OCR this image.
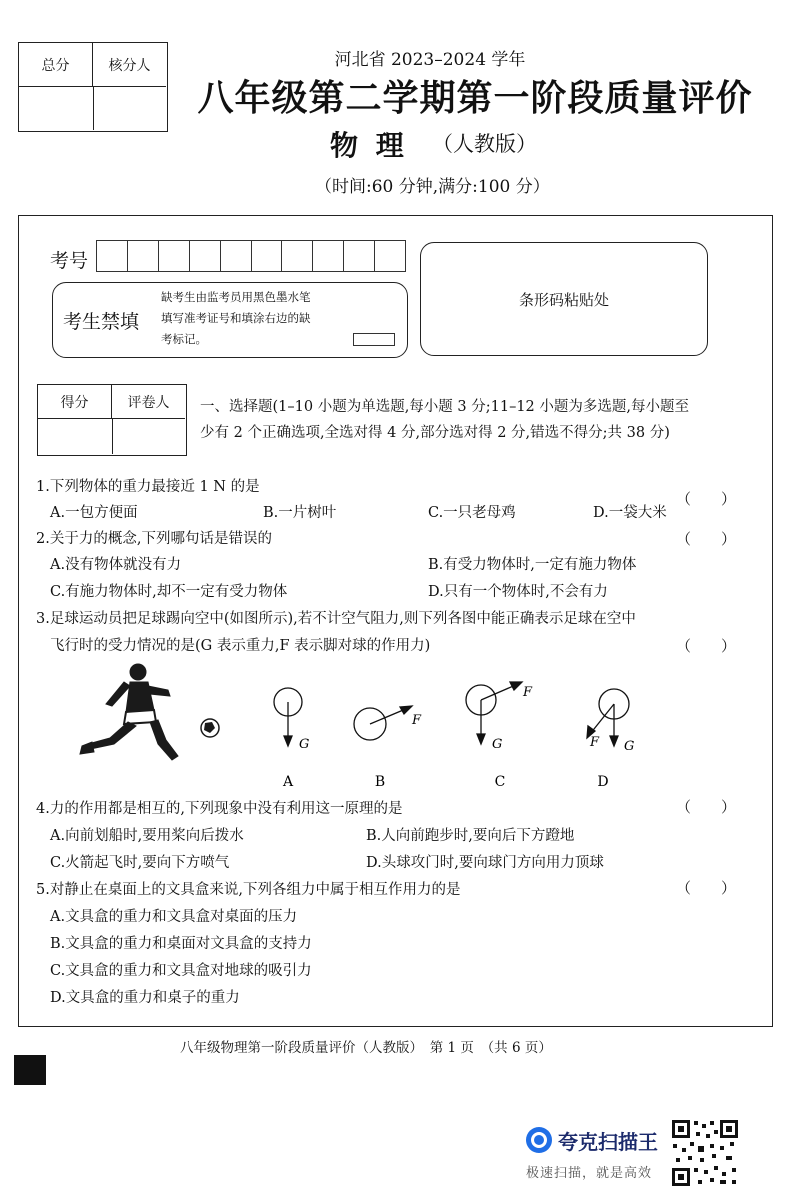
总分	核分人	河北省 2023–2024 学年
八年级第二学期第一阶段质量评价
物 理 （人教版）
（时间:60 分钟,满分:100 分）
考号
考生禁填
缺考生由监考员用黑色墨水笔
填写准考证号和填涂右边的缺
考标记。
条形码粘贴处
得分	评卷人	一、选择题(1–10 小题为单选题,每小题 3 分;11–12 小题为多选题,每小题至
少有 2 个正确选项,全选对得 4 分,部分选对得 2 分,错选不得分;共 38 分)
1.下列物体的重力最接近 1 N 的是
（　　）
A.一包方便面	B.一片树叶	C.一只老母鸡	D.一袋大米
2.关于力的概念,下列哪句话是错误的	（　　）
A.没有物体就没有力	B.有受力物体时,一定有施力物体
C.有施力物体时,却不一定有受力物体	D.只有一个物体时,不会有力
3.足球运动员把足球踢向空中(如图所示),若不计空气阻力,则下列各图中能正确表示足球在空中
飞行时的受力情况的是(G 表示重力,F 表示脚对球的作用力)	（　　）
G
F
G
F
F G
A	B	C	D
4.力的作用都是相互的,下列现象中没有利用这一原理的是	（　　）
A.向前划船时,要用桨向后拨水	B.人向前跑步时,要向后下方蹬地
C.火箭起飞时,要向下方喷气	D.头球攻门时,要向球门方向用力顶球
5.对静止在桌面上的文具盒来说,下列各组力中属于相互作用力的是	（　　）
A.文具盒的重力和文具盒对桌面的压力
B.文具盒的重力和桌面对文具盒的支持力
C.文具盒的重力和文具盒对地球的吸引力
D.文具盒的重力和桌子的重力
八年级物理第一阶段质量评价（人教版）　第 1 页　（共 6 页）
夸克扫描王
极速扫描，就是高效
